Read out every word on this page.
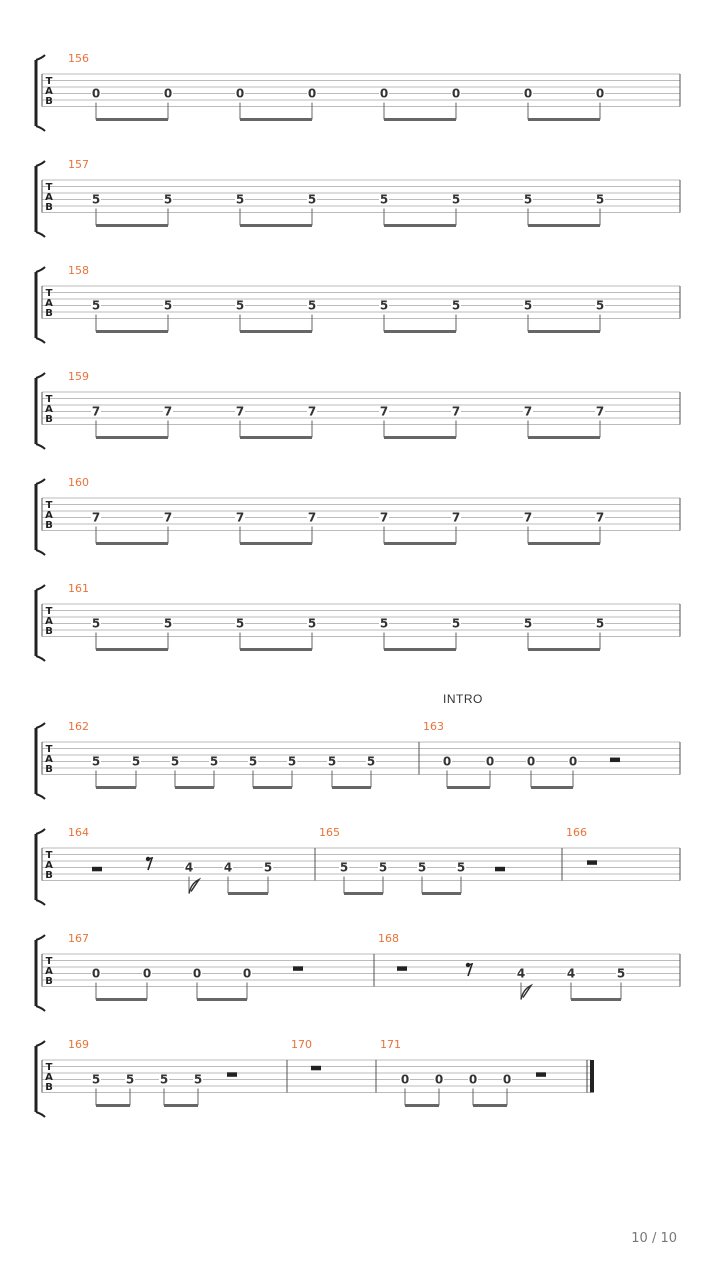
T
A
B
156
0	0	0	0	0	0	0	0
T
A
B
157
5	5	5	5	5	5	5	5
T
A
B
158
5	5	5	5	5	5	5	5
T
A
B
159
7	7	7	7	7	7	7	7
T
A
B
160
7	7	7	7	7	7	7	7
T
A
B
161
5	5	5	5	5	5	5	5
T
A
B
162
5	5	5	5	5	5	5	5
163
0	0	0	0
T
A
B
164
4	4	5
165
5	5	5	5
166
T
A
B
167
0	0	0	0
168
4	4	5
T
A
B
169
5 5 5 5
170	171
0 0 0 0
INTRO
10 / 10
